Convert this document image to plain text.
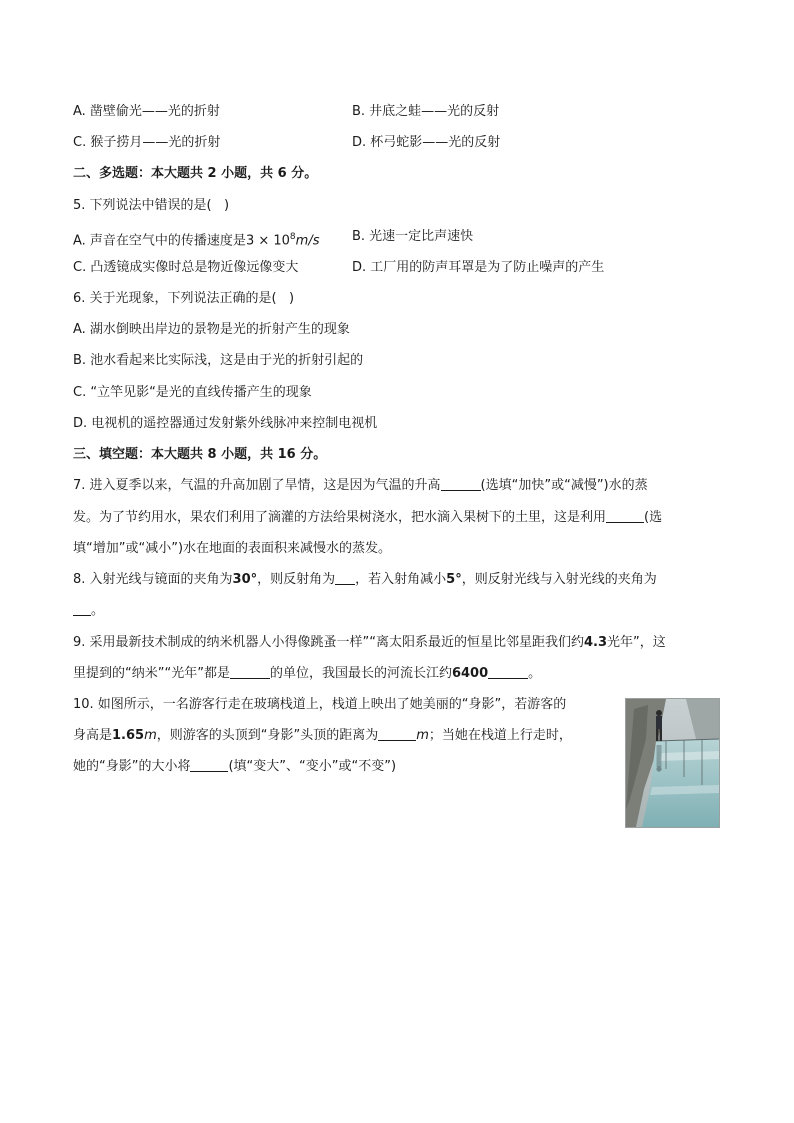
A. 凿壁偷光——光的折射	B. 井底之蛙——光的反射
C. 猴子捞月——光的折射	D. 杯弓蛇影——光的反射
二、多选题：本大题共 2 小题，共 6 分。
5. 下列说法中错误的是(   )
A. 声音在空气中的传播速度是$3 \times 10^8m/s$	B. 光速一定比声速快
C. 凸透镜成实像时总是物近像远像变大	D. 工厂用的防声耳罩是为了防止噪声的产生
6. 关于光现象，下列说法正确的是(   )
A. 湖水倒映出岸边的景物是光的折射产生的现象
B. 池水看起来比实际浅，这是由于光的折射引起的
C. “立竿见影“是光的直线传播产生的现象
D. 电视机的遥控器通过发射紫外线脉冲来控制电视机
三、填空题：本大题共 8 小题，共 16 分。
7. 进入夏季以来，气温的升高加剧了旱情，这是因为气温的升高	(选填“加快”或“减慢”)水的蒸
发。为了节约用水，果农们利用了滴灌的方法给果树浇水，把水滴入果树下的土里，这是利用	(选
填“增加”或“减小”)水在地面的表面积来减慢水的蒸发。
8. 入射光线与镜面的夹角为30°，则反射角为 ，若入射角减小5°，则反射光线与入射光线的夹角为
。
9. 采用最新技术制成的纳米机器人小得像跳蚤一样”“离太阳系最近的恒星比邻星距我们约4.3光年”，这
里提到的“纳米”“光年”都是	的单位，我国最长的河流长江约6400	。
10. 如图所示，一名游客行走在玻璃栈道上，栈道上映出了她美丽的“身影”，若游客的
身高是1.65m，则游客的头顶到“身影”头顶的距离为	m；当她在栈道上行走时，
她的“身影”的大小将	(填“变大”、“变小”或“不变”)
